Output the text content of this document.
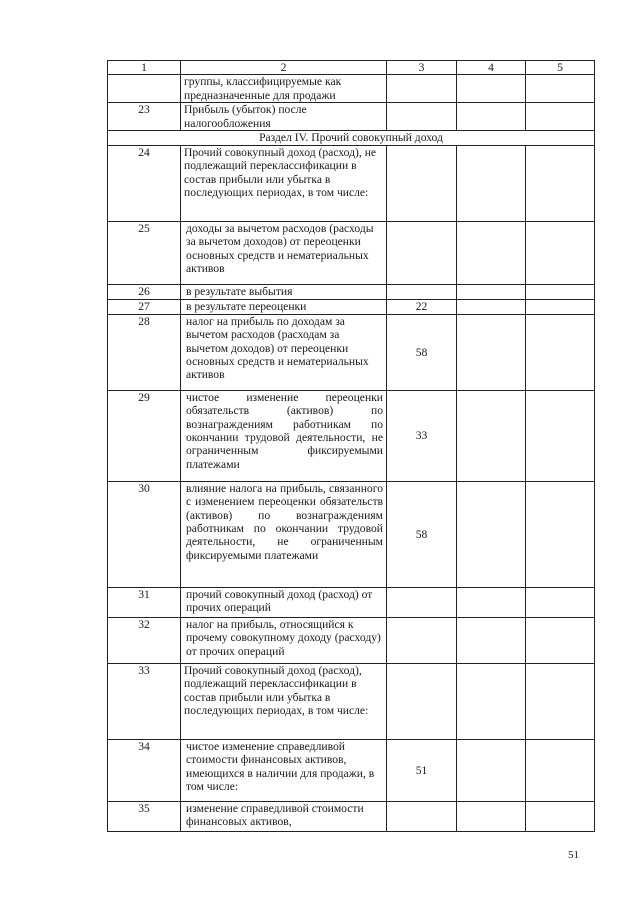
1	2	3	4	5
	группы, классифицируемые как предназначенные для продажи			
23	Прибыль (убыток) после налогообложения			
Раздел IV. Прочий совокупный доход				
24	Прочий совокупный доход (расход), не подлежащий переклассификации в состав прибыли или убытка в последующих периодах, в том числе:			
25	доходы за вычетом расходов (расходы за вычетом доходов) от переоценки основных средств и нематериальных активов			
26	в результате выбытия			
27	в результате переоценки	22		
28	налог на прибыль по доходам за вычетом расходов (расходам за вычетом доходов) от переоценки основных средств и нематериальных активов	58		
29	чистое изменение переоценки обязательств (активов) по вознаграждениям работникам по окончании трудовой деятельности, не ограниченным фиксируемыми платежами	33		
30	влияние налога на прибыль, связанного с изменением переоценки обязательств (активов) по вознаграждениям работникам по окончании трудовой деятельности, не ограниченным фиксируемыми платежами	58		
31	прочий совокупный доход (расход) от прочих операций			
32	налог на прибыль, относящийся к прочему совокупному доходу (расходу) от прочих операций			
33	Прочий совокупный доход (расход), подлежащий переклассификации в состав прибыли или убытка в последующих периодах, в том числе:			
34	чистое изменение справедливой стоимости финансовых активов, имеющихся в наличии для продажи, в том числе:	51		
35	изменение справедливой стоимости финансовых активов,			
51
